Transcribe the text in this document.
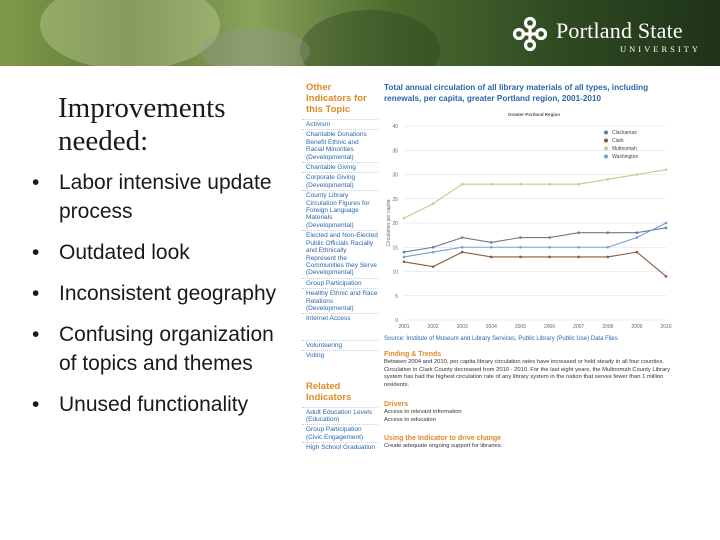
Portland State
UNIVERSITY
Improvements
needed:
• Labor intensive update process
• Outdated look
• Inconsistent geography
• Confusing organization of topics and themes
• Unused functionality
Other Indicators for this Topic
Activism
Charitable Donations Benefit Ethnic and Racial Minorities (Developmental)
Charitable Giving
Corporate Giving (Developmental)
County Library Circulation Figures for Foreign Language Materials (Developmental)
Elected and Non-Elected Public Officials Racially and Ethnically Represent the Communities they Serve (Developmental)
Group Participation
Healthy Ethnic and Race Relations (Developmental)
Internet Access
Volunteering
Voting
Related Indicators
Adult Education Levels (Education)
Group Participation (Civic Engagement)
High School Graduation
Total annual circulation of all library materials of all types, including renewals, per capita, greater Portland region, 2001-2010
Greater Portland Region
0
5
10
15
20
25
30
35
40
2001	2002	2003	2004	2005	2006	2007	2008	2009	2010
Circulation per capita
Clackamas
Clark
Multnomah
Washington
Source: Institute of Museum and Library Services, Public Library (Public Use) Data Files
Finding & Trends
Between 2004 and 2010, per capita library circulation rates have increased or held steady in all four counties. Circulation in Clark County decreased from 2010 - 2010. For the last eight years, the Multnomah County Library system has had the highest circulation rate of any library system in the nation that serves fewer than 1 million residents.
Drivers
Access to relevant information
Access to education
Using the Indicator to drive change
Create adequate ongoing support for libraries.
